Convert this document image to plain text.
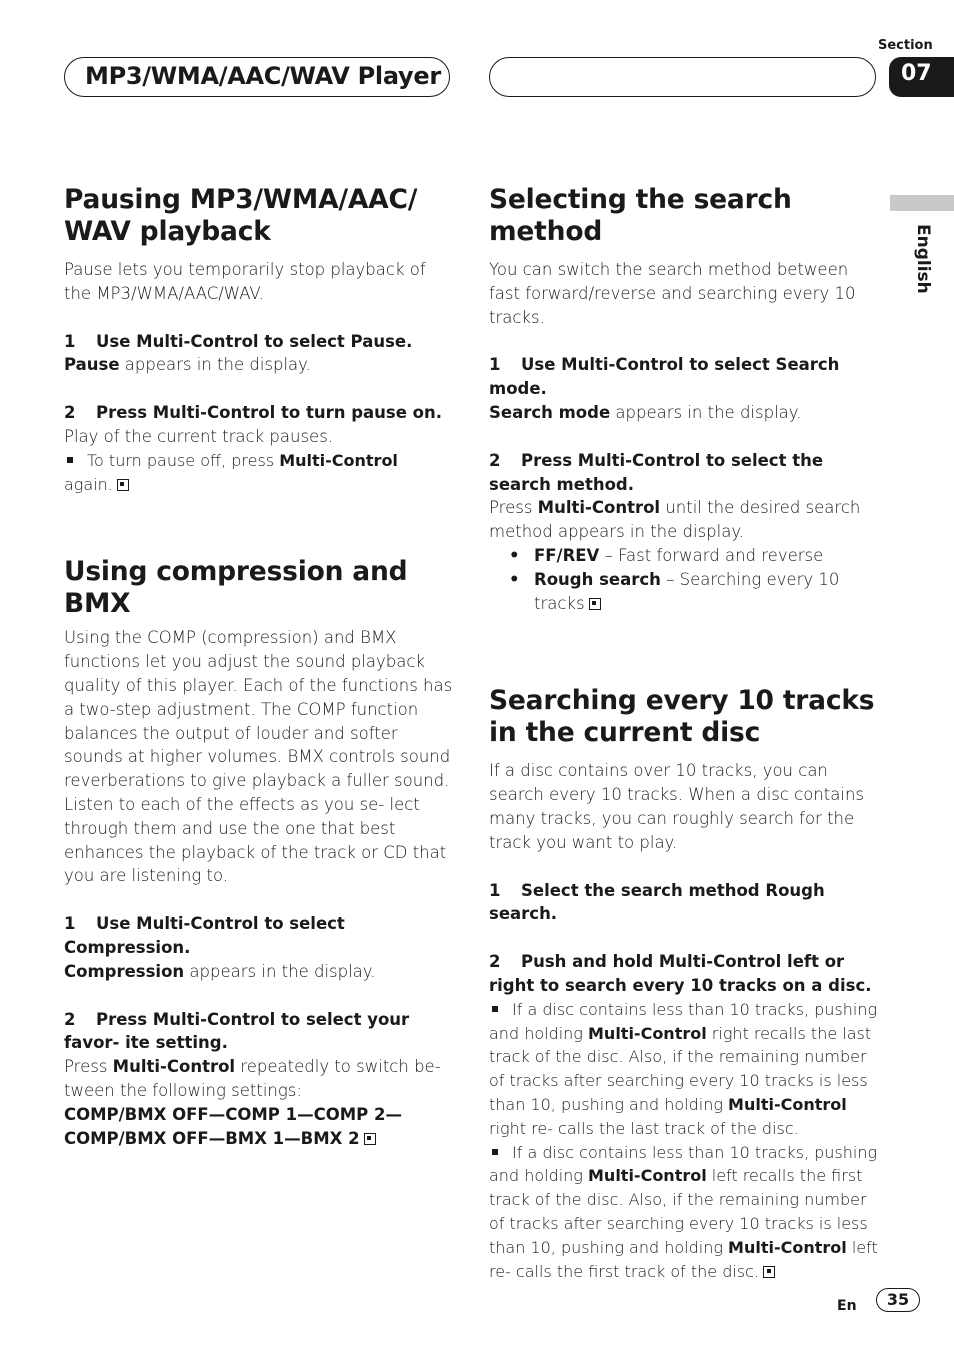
MP3/WMA/AAC/WAV Player
Section
07
English
Pausing MP3/WMA/AAC/ WAV playback

Pause lets you temporarily stop playback of the MP3/WMA/AAC/WAV.

1 Use Multi-Control to select Pause.

Pause appears in the display.

2 Press Multi-Control to turn pause on.

Play of the current track pauses.

To turn pause off, press Multi-Control
again.

Using compression and BMX

Using the COMP (compression) and BMX functions let you adjust the sound playback quality of this player. Each of the functions has a two-step adjustment. The COMP function balances the output of louder and softer sounds at higher volumes. BMX controls sound reverberations to give playback a fuller sound. Listen to each of the effects as you se- lect through them and use the one that best enhances the playback of the track or CD that you are listening to.

1 Use Multi-Control to select Compression.

Compression appears in the display.

2 Press Multi-Control to select your favor- ite setting.

Press Multi-Control repeatedly to switch be- tween the following settings:

COMP/BMX OFF—COMP 1—COMP 2—

COMP/BMX OFF—BMX 1—BMX 2

Selecting the search method

You can switch the search method between fast forward/reverse and searching every 10 tracks.

1 Use Multi-Control to select Search mode.

Search mode appears in the display.

2 Press Multi-Control to select the search method.

Press Multi-Control until the desired search method appears in the display.

• FF/REV – Fast forward and reverse
• Rough search – Searching every 10 tracks
Searching every 10 tracks in the current disc

If a disc contains over 10 tracks, you can search every 10 tracks. When a disc contains many tracks, you can roughly search for the track you want to play.

1 Select the search method Rough search.

2 Push and hold Multi-Control left or right to search every 10 tracks on a disc.

If a disc contains less than 10 tracks, pushing and holding Multi-Control right recalls the last track of the disc. Also, if the remaining number of tracks after searching every 10 tracks is less than 10, pushing and holding Multi-Control right re- calls the last track of the disc.

If a disc contains less than 10 tracks, pushing and holding Multi-Control left recalls the first track of the disc. Also, if the remaining number of tracks after searching every 10 tracks is less than 10, pushing and holding Multi-Control left re- calls the first track of the disc.

En	35
